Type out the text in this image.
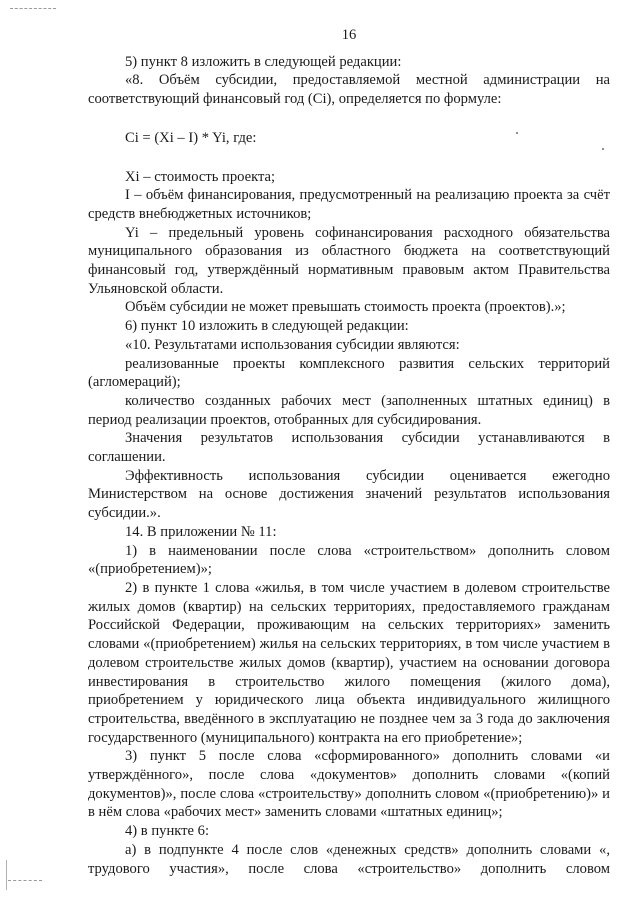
16

5) пункт 8 изложить в следующей редакции:

«8. Объём субсидии, предоставляемой местной администрации на соответствующий финансовый год (Сi), определяется по формуле:

Сi = (Xi – I) * Yi, где:

Xi – стоимость проекта;

I – объём финансирования, предусмотренный на реализацию проекта за счёт средств внебюджетных источников;

Yi – предельный уровень софинансирования расходного обязательства муниципального образования из областного бюджета на соответствующий финансовый год, утверждённый нормативным правовым актом Правительства Ульяновской области.

Объём субсидии не может превышать стоимость проекта (проектов).»;

6) пункт 10 изложить в следующей редакции:

«10. Результатами использования субсидии являются:

реализованные проекты комплексного развития сельских территорий (агломераций);

количество созданных рабочих мест (заполненных штатных единиц) в период реализации проектов, отобранных для субсидирования.

Значения результатов использования субсидии устанавливаются в соглашении.

Эффективность использования субсидии оценивается ежегодно Министерством на основе достижения значений результатов использования субсидии.».

14. В приложении № 11:

1) в наименовании после слова «строительством» дополнить словом «(приобретением)»;

2) в пункте 1 слова «жилья, в том числе участием в долевом строительстве жилых домов (квартир) на сельских территориях, предоставляемого гражданам Российской Федерации, проживающим на сельских территориях» заменить словами «(приобретением) жилья на сельских территориях, в том числе участием в долевом строительстве жилых домов (квартир), участием на основании договора инвестирования в строительство жилого помещения (жилого дома), приобретением у юридического лица объекта индивидуального жилищного строительства, введённого в эксплуатацию не позднее чем за 3 года до заключения государственного (муниципального) контракта на его приобретение»;

3) пункт 5 после слова «сформированного» дополнить словами «и утверждённого», после слова «документов» дополнить словами «(копий документов)», после слова «строительству» дополнить словом «(приобретению)» и в нём слова «рабочих мест» заменить словами «штатных единиц»;

4) в пункте 6:

а) в подпункте 4 после слов «денежных средств» дополнить словами «, трудового участия», после слова «строительство» дополнить словом
